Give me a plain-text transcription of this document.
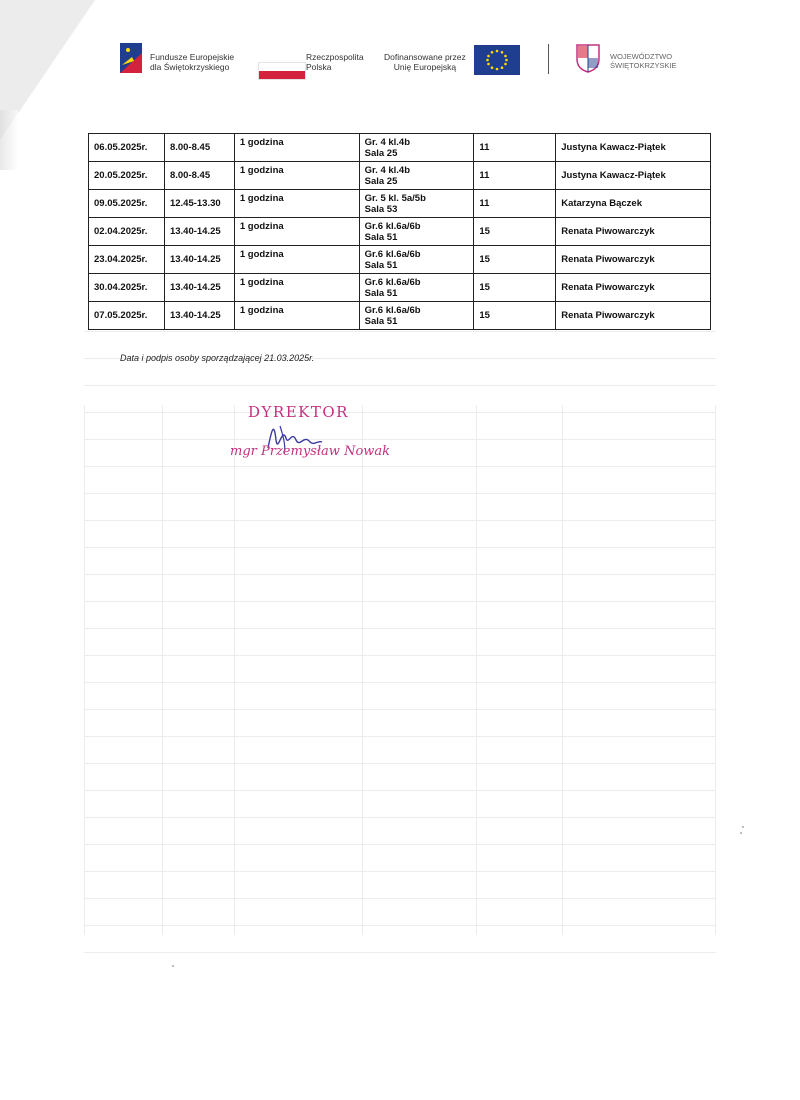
Fundusze Europejskie
dla Świętokrzyskiego
Rzeczpospolita
Polska
Dofinansowane przez
Unię Europejską
WOJEWÓDZTWO
ŚWIĘTOKRZYSKIE
06.05.2025r.	8.00-8.45	1 godzina	Gr. 4 kl.4b
Sala 25	11	Justyna Kawacz-Piątek
20.05.2025r.	8.00-8.45	1 godzina	Gr. 4 kl.4b
Sala 25	11	Justyna Kawacz-Piątek
09.05.2025r.	12.45-13.30	1 godzina	Gr. 5 kl. 5a/5b
Sala 53	11	Katarzyna Bączek
02.04.2025r.	13.40-14.25	1 godzina	Gr.6 kl.6a/6b
Sala 51	15	Renata Piwowarczyk
23.04.2025r.	13.40-14.25	1 godzina	Gr.6 kl.6a/6b
Sala 51	15	Renata Piwowarczyk
30.04.2025r.	13.40-14.25	1 godzina	Gr.6 kl.6a/6b
Sala 51	15	Renata Piwowarczyk
07.05.2025r.	13.40-14.25	1 godzina	Gr.6 kl.6a/6b
Sala 51	15	Renata Piwowarczyk
Data i podpis osoby sporządzającej 21.03.2025r.
DYREKTOR
mgr Przemysław Nowak
